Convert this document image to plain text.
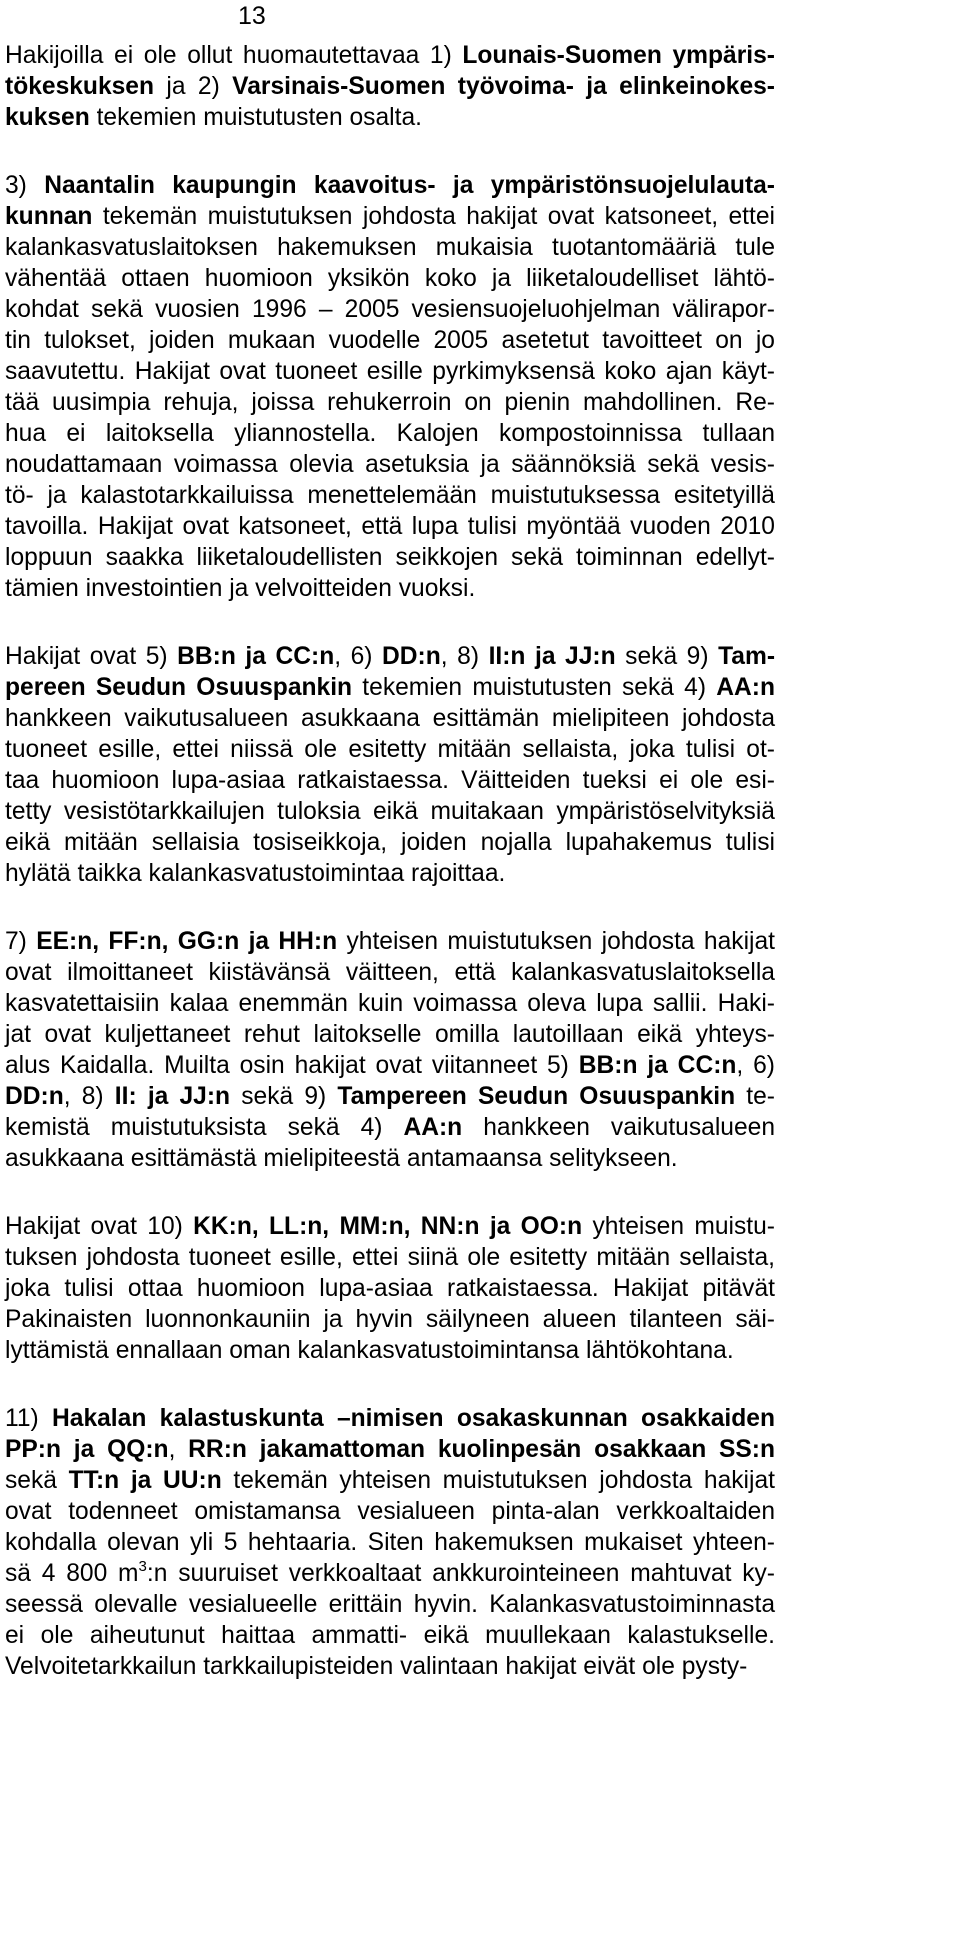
13
Hakijoilla ei ole ollut huomautettavaa 1) Lounais-Suomen ympäris-
tökeskuksen ja 2) Varsinais-Suomen työvoima- ja elinkeinokes-
kuksen tekemien muistutusten osalta.
3) Naantalin kaupungin kaavoitus- ja ympäristönsuojelulauta-
kunnan tekemän muistutuksen johdosta hakijat ovat katsoneet, ettei
kalankasvatuslaitoksen hakemuksen mukaisia tuotantomääriä tule
vähentää ottaen huomioon yksikön koko ja liiketaloudelliset lähtö-
kohdat sekä vuosien 1996 – 2005 vesiensuojeluohjelman välirapor-
tin tulokset, joiden mukaan vuodelle 2005 asetetut tavoitteet on jo
saavutettu. Hakijat ovat tuoneet esille pyrkimyksensä koko ajan käyt-
tää uusimpia rehuja, joissa rehukerroin on pienin mahdollinen. Re-
hua ei laitoksella yliannostella. Kalojen kompostoinnissa tullaan
noudattamaan voimassa olevia asetuksia ja säännöksiä sekä vesis-
tö- ja kalastotarkkailuissa menettelemään muistutuksessa esitetyillä
tavoilla. Hakijat ovat katsoneet, että lupa tulisi myöntää vuoden 2010
loppuun saakka liiketaloudellisten seikkojen sekä toiminnan edellyt-
tämien investointien ja velvoitteiden vuoksi.
Hakijat ovat 5) BB:n ja CC:n, 6) DD:n, 8) II:n ja JJ:n sekä 9) Tam-
pereen Seudun Osuuspankin tekemien muistutusten sekä 4) AA:n
hankkeen vaikutusalueen asukkaana esittämän mielipiteen johdosta
tuoneet esille, ettei niissä ole esitetty mitään sellaista, joka tulisi ot-
taa huomioon lupa-asiaa ratkaistaessa. Väitteiden tueksi ei ole esi-
tetty vesistötarkkailujen tuloksia eikä muitakaan ympäristöselvityksiä
eikä mitään sellaisia tosiseikkoja, joiden nojalla lupahakemus tulisi
hylätä taikka kalankasvatustoimintaa rajoittaa.
7) EE:n, FF:n, GG:n ja HH:n yhteisen muistutuksen johdosta hakijat
ovat ilmoittaneet kiistävänsä väitteen, että kalankasvatuslaitoksella
kasvatettaisiin kalaa enemmän kuin voimassa oleva lupa sallii. Haki-
jat ovat kuljettaneet rehut laitokselle omilla lautoillaan eikä yhteys-
alus Kaidalla. Muilta osin hakijat ovat viitanneet 5) BB:n ja CC:n, 6)
DD:n, 8) II: ja JJ:n sekä 9) Tampereen Seudun Osuuspankin te-
kemistä muistutuksista sekä 4) AA:n hankkeen vaikutusalueen
asukkaana esittämästä mielipiteestä antamaansa selitykseen.
Hakijat ovat 10) KK:n, LL:n, MM:n, NN:n ja OO:n yhteisen muistu-
tuksen johdosta tuoneet esille, ettei siinä ole esitetty mitään sellaista,
joka tulisi ottaa huomioon lupa-asiaa ratkaistaessa. Hakijat pitävät
Pakinaisten luonnonkauniin ja hyvin säilyneen alueen tilanteen säi-
lyttämistä ennallaan oman kalankasvatustoimintansa lähtökohtana.
11) Hakalan kalastuskunta –nimisen osakaskunnan osakkaiden
PP:n ja QQ:n, RR:n jakamattoman kuolinpesän osakkaan SS:n
sekä TT:n ja UU:n tekemän yhteisen muistutuksen johdosta hakijat
ovat todenneet omistamansa vesialueen pinta-alan verkkoaltaiden
kohdalla olevan yli 5 hehtaaria. Siten hakemuksen mukaiset yhteen-
sä 4 800 $m^3:n$ suuruiset verkkoaltaat ankkurointeineen mahtuvat ky-
seessä olevalle vesialueelle erittäin hyvin. Kalankasvatustoiminnasta
ei ole aiheutunut haittaa ammatti- eikä muullekaan kalastukselle.
Velvoitetarkkailun tarkkailupisteiden valintaan hakijat eivät ole pysty-
